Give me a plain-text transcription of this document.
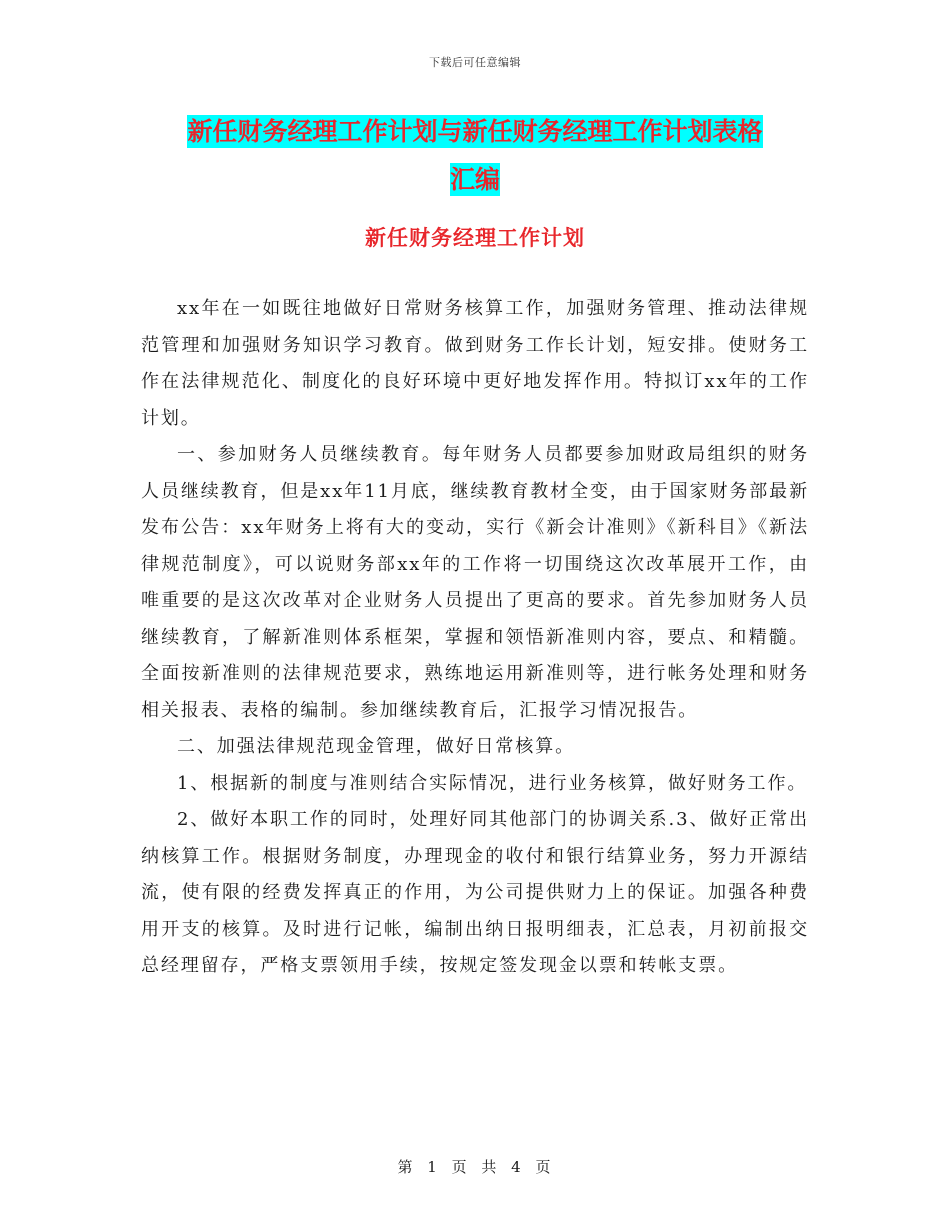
下载后可任意编辑
新任财务经理工作计划与新任财务经理工作计划表格
汇编
新任财务经理工作计划

xx年在一如既往地做好日常财务核算工作，加强财务管理、推动法律规范管理和加强财务知识学习教育。做到财务工作长计划，短安排。使财务工作在法律规范化、制度化的良好环境中更好地发挥作用。特拟订xx年的工作计划。

一、参加财务人员继续教育。每年财务人员都要参加财政局组织的财务人员继续教育，但是xx年11月底，继续教育教材全变，由于国家财务部最新发布公告：xx年财务上将有大的变动，实行《新会计准则》《新科目》《新法律规范制度》，可以说财务部xx年的工作将一切围绕这次改革展开工作，由唯重要的是这次改革对企业财务人员提出了更高的要求。首先参加财务人员继续教育，了解新准则体系框架，掌握和领悟新准则内容，要点、和精髓。全面按新准则的法律规范要求，熟练地运用新准则等，进行帐务处理和财务相关报表、表格的编制。参加继续教育后，汇报学习情况报告。

二、加强法律规范现金管理，做好日常核算。

1、根据新的制度与准则结合实际情况，进行业务核算，做好财务工作。

2、做好本职工作的同时，处理好同其他部门的协调关系.3、做好正常出纳核算工作。根据财务制度，办理现金的收付和银行结算业务，努力开源结流，使有限的经费发挥真正的作用，为公司提供财力上的保证。加强各种费用开支的核算。及时进行记帐，编制出纳日报明细表，汇总表，月初前报交总经理留存，严格支票领用手续，按规定签发现金以票和转帐支票。

第 1 页 共 4 页
